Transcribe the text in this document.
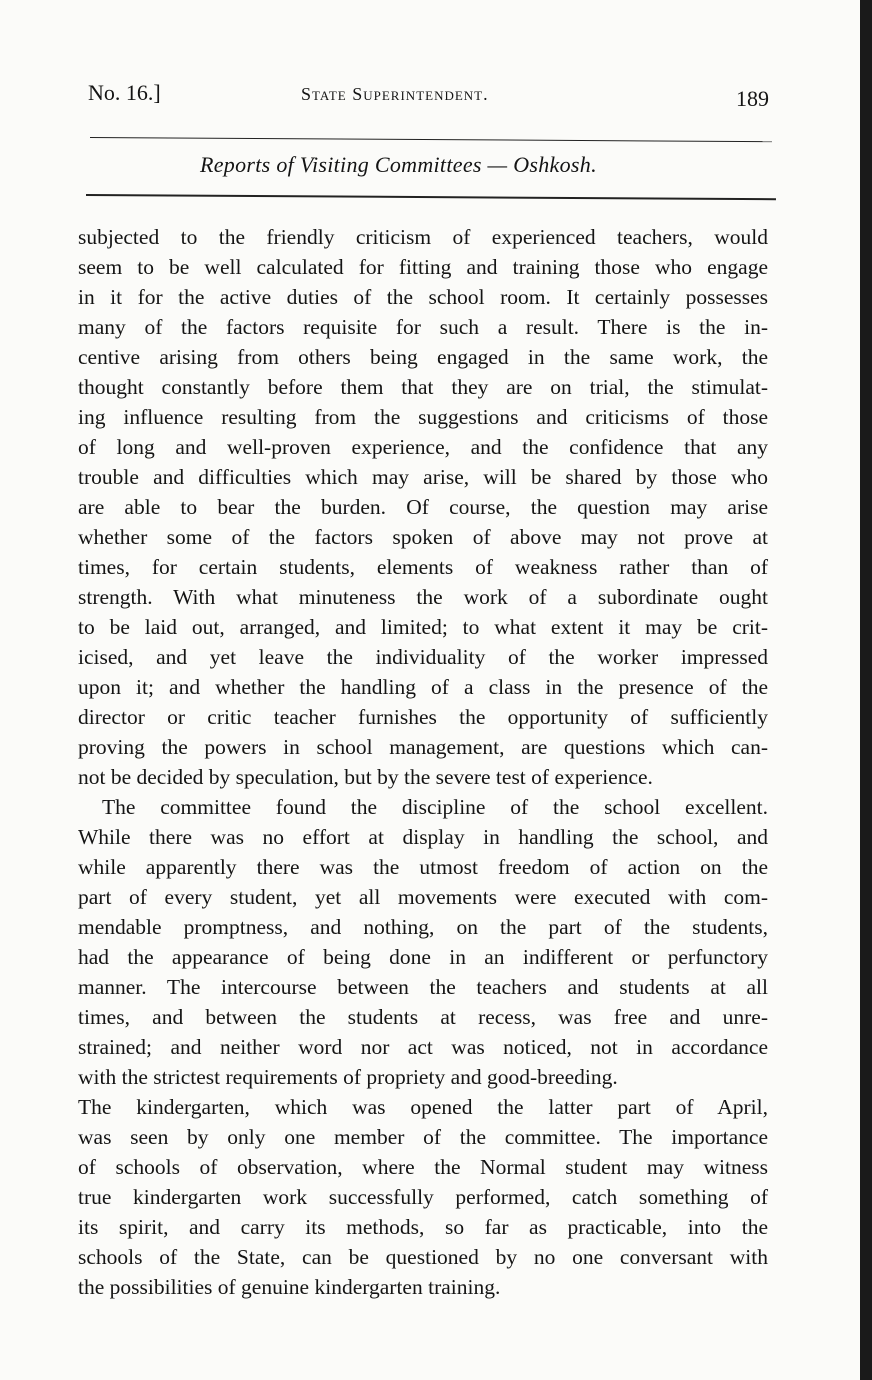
No. 16.]	State Superintendent.	189
Reports of Visiting Committees — Oshkosh.
subjected to the friendly criticism of experienced teachers, would
seem to be well calculated for fitting and training those who engage
in it for the active duties of the school room. It certainly possesses
many of the factors requisite for such a result. There is the in-
centive arising from others being engaged in the same work, the
thought constantly before them that they are on trial, the stimulat-
ing influence resulting from the suggestions and criticisms of those
of long and well-proven experience, and the confidence that any
trouble and difficulties which may arise, will be shared by those who
are able to bear the burden. Of course, the question may arise
whether some of the factors spoken of above may not prove at
times, for certain students, elements of weakness rather than of
strength. With what minuteness the work of a subordinate ought
to be laid out, arranged, and limited; to what extent it may be crit-
icised, and yet leave the individuality of the worker impressed
upon it; and whether the handling of a class in the presence of the
director or critic teacher furnishes the opportunity of sufficiently
proving the powers in school management, are questions which can-
not be decided by speculation, but by the severe test of experience.
The committee found the discipline of the school excellent.
While there was no effort at display in handling the school, and
while apparently there was the utmost freedom of action on the
part of every student, yet all movements were executed with com-
mendable promptness, and nothing, on the part of the students,
had the appearance of being done in an indifferent or perfunctory
manner. The intercourse between the teachers and students at all
times, and between the students at recess, was free and unre-
strained; and neither word nor act was noticed, not in accordance
with the strictest requirements of propriety and good-breeding.
The kindergarten, which was opened the latter part of April,
was seen by only one member of the committee. The importance
of schools of observation, where the Normal student may witness
true kindergarten work successfully performed, catch something of
its spirit, and carry its methods, so far as practicable, into the
schools of the State, can be questioned by no one conversant with
the possibilities of genuine kindergarten training.
